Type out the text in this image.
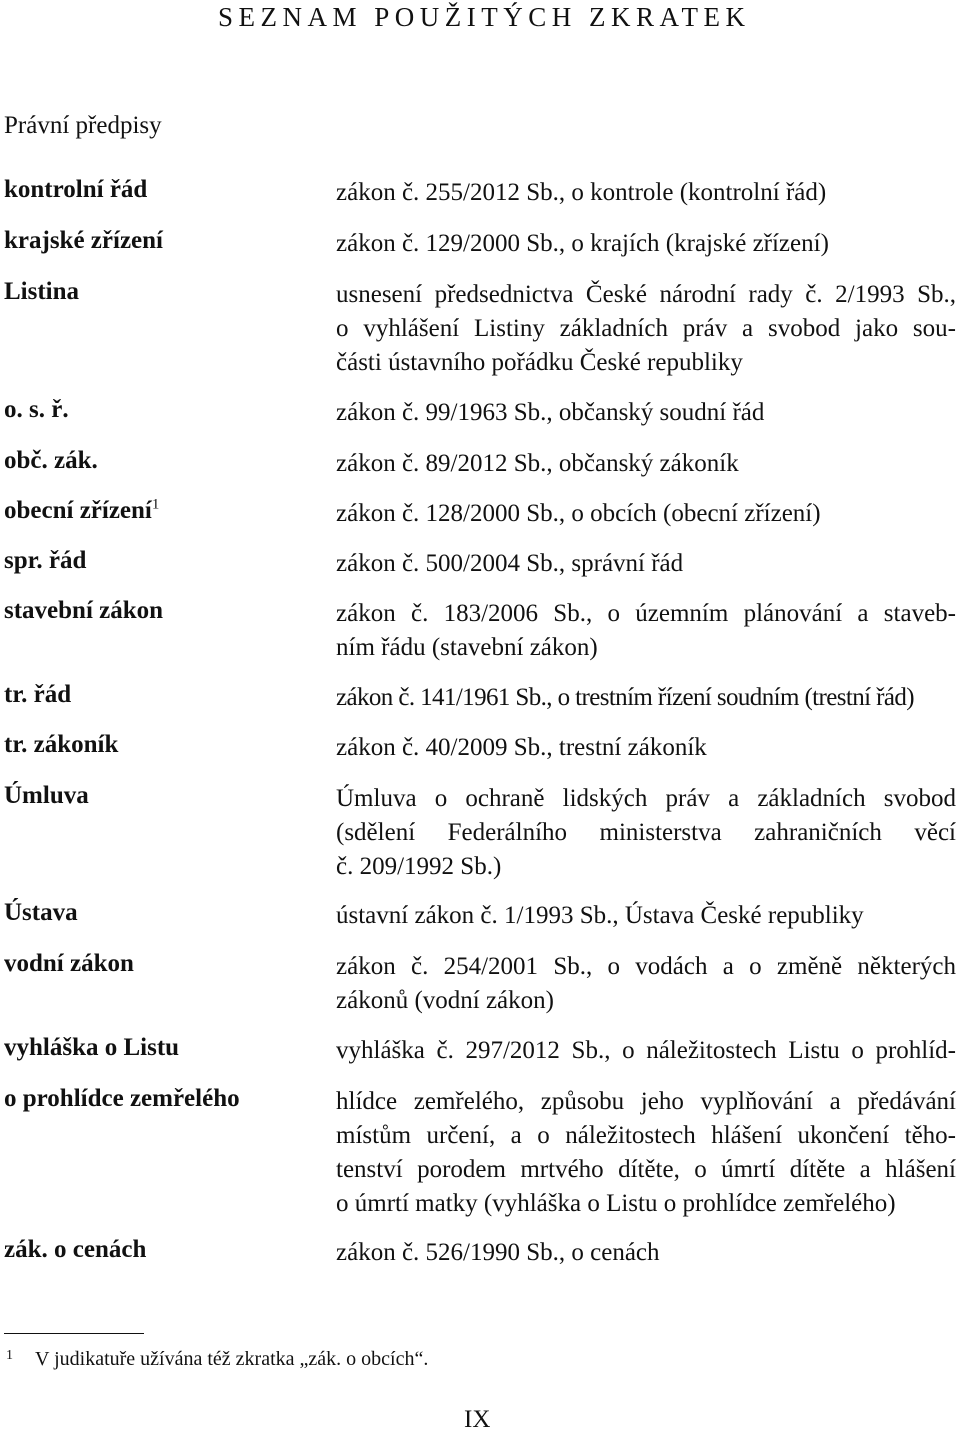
SEZNAM POUŽITÝCH ZKRATEK
Právní předpisy
kontrolní řád	zákon č. 255/2012 Sb., o kontrole (kontrolní řád)
krajské zřízení	zákon č. 129/2000 Sb., o krajích (krajské zřízení)
Listina	usnesení předsednictva České národní rady č. 2/1993 Sb.,
o vyhlášení Listiny základních práv a svobod jako sou-
části ústavního pořádku České republiky
o. s. ř.	zákon č. 99/1963 Sb., občanský soudní řád
obč. zák.	zákon č. 89/2012 Sb., občanský zákoník
obecní zřízení$^1$	zákon č. 128/2000 Sb., o obcích (obecní zřízení)
spr. řád	zákon č. 500/2004 Sb., správní řád
stavební zákon	zákon č. 183/2006 Sb., o územním plánování a staveb-
ním řádu (stavební zákon)
tr. řád	zákon č. 141/1961 Sb., o trestním řízení soudním (trestní řád)
tr. zákoník	zákon č. 40/2009 Sb., trestní zákoník
Úmluva	Úmluva o ochraně lidských práv a základních svobod
(sdělení Federálního ministerstva zahraničních věcí
č. 209/1992 Sb.)
Ústava	ústavní zákon č. 1/1993 Sb., Ústava České republiky
vodní zákon	zákon č. 254/2001 Sb., o vodách a o změně některých
zákonů (vodní zákon)
vyhláška o Listu	vyhláška č. 297/2012 Sb., o náležitostech Listu o prohlíd-
o prohlídce zemřelého	hlídce zemřelého, způsobu jeho vyplňování a předávání
místům určení, a o náležitostech hlášení ukončení těho-
tenství porodem mrtvého dítěte, o úmrtí dítěte a hlášení
o úmrtí matky (vyhláška o Listu o prohlídce zemřelého)
zák. o cenách	zákon č. 526/1990 Sb., o cenách
$^1$ V judikatuře užívána též zkratka „zák. o obcích“.
IX
